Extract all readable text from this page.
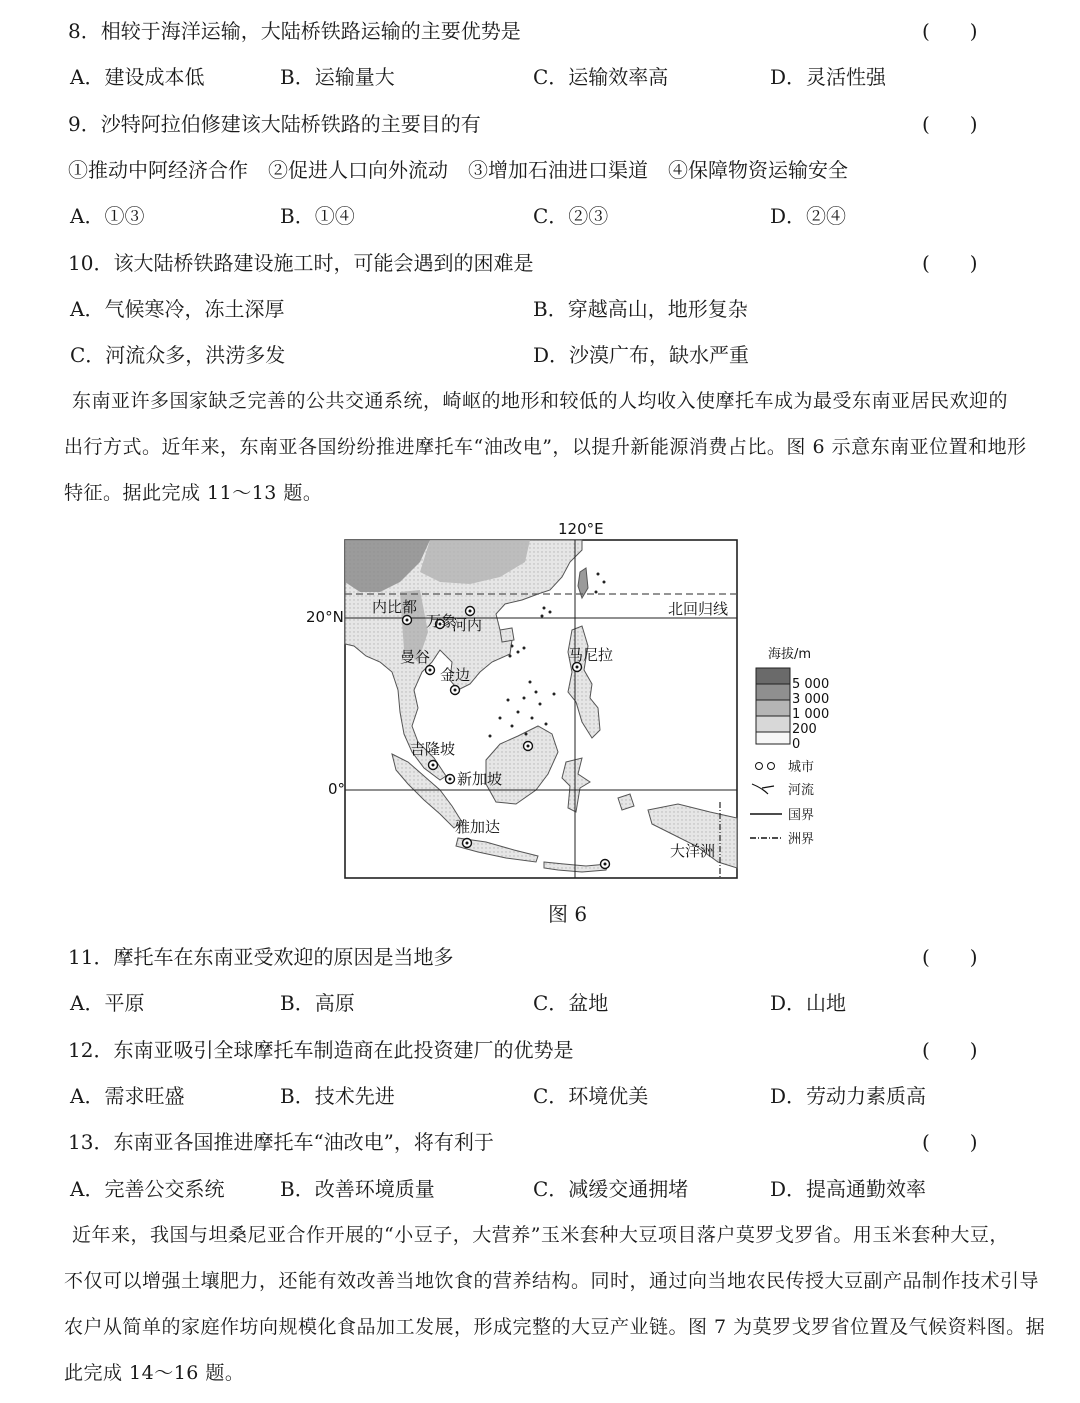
8．相较于海洋运输，大陆桥铁路运输的主要优势是	(　　)
A．建设成本低	B．运输量大	C．运输效率高	D．灵活性强
9．沙特阿拉伯修建该大陆桥铁路的主要目的有	(　　)
①推动中阿经济合作　②促进人口向外流动　③增加石油进口渠道　④保障物资运输安全
A．①③	B．①④	C．②③	D．②④
10．该大陆桥铁路建设施工时，可能会遇到的困难是	(　　)
A．气候寒冷，冻土深厚	B．穿越高山，地形复杂
C．河流众多，洪涝多发	D．沙漠广布，缺水严重
东南亚许多国家缺乏完善的公共交通系统，崎岖的地形和较低的人均收入使摩托车成为最受东南亚居民欢迎的
出行方式。近年来，东南亚各国纷纷推进摩托车“油改电”，以提升新能源消费占比。图 6 示意东南亚位置和地形
特征。据此完成 11～13 题。
120°E
20°N
0°
北回归线
内比都
万象
河内
曼谷
金边
马尼拉
吉隆坡
新加坡
雅加达
大洋洲
海拔/m
5 000
3 000
1 000
200
0
城市
河流
国界
洲界
图 6
11．摩托车在东南亚受欢迎的原因是当地多	(　　)
A．平原	B．高原	C．盆地	D．山地
12．东南亚吸引全球摩托车制造商在此投资建厂的优势是	(　　)
A．需求旺盛	B．技术先进	C．环境优美	D．劳动力素质高
13．东南亚各国推进摩托车“油改电”，将有利于	(　　)
A．完善公交系统	B．改善环境质量	C．减缓交通拥堵	D．提高通勤效率
近年来，我国与坦桑尼亚合作开展的“小豆子，大营养”玉米套种大豆项目落户莫罗戈罗省。用玉米套种大豆，
不仅可以增强土壤肥力，还能有效改善当地饮食的营养结构。同时，通过向当地农民传授大豆副产品制作技术引导
农户从简单的家庭作坊向规模化食品加工发展，形成完整的大豆产业链。图 7 为莫罗戈罗省位置及气候资料图。据
此完成 14～16 题。
